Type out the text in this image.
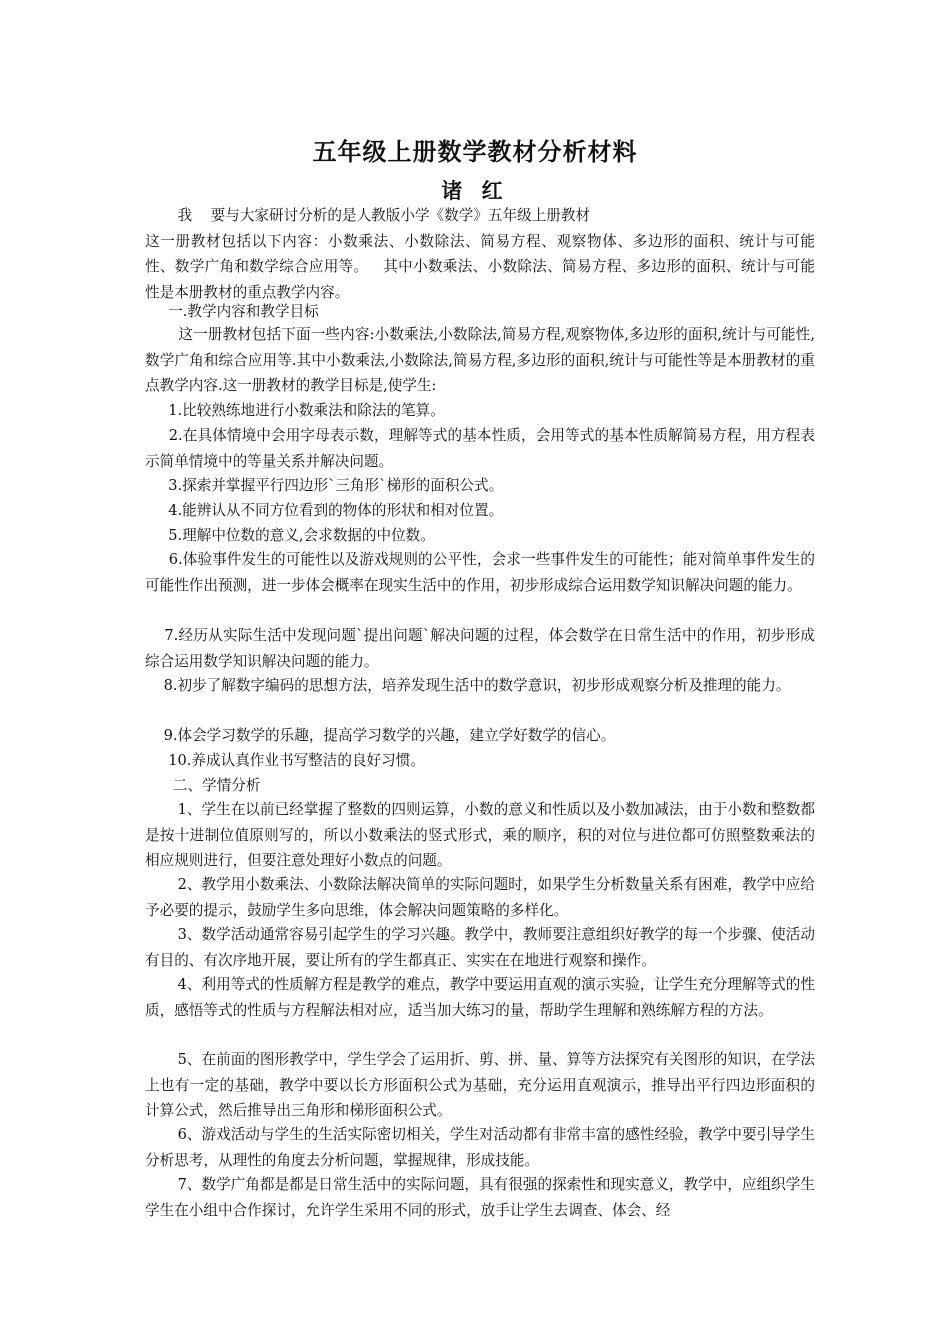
五年级上册数学教材分析材料
诸 红
我    要与大家研讨分析的是人教版小学《数学》五年级上册教材
这一册教材包括以下内容：小数乘法、小数除法、简易方程、观察物体、多边形的面积、统计与可能性、数学广角和数学综合应用等。   其中小数乘法、小数除法、简易方程、多边形的面积、统计与可能性是本册教材的重点教学内容。
一.教学内容和教学目标
这一册教材包括下面一些内容:小数乘法,小数除法,简易方程,观察物体,多边形的面积,统计与可能性,数学广角和综合应用等.其中小数乘法,小数除法,简易方程,多边形的面积,统计与可能性等是本册教材的重点教学内容.这一册教材的教学目标是,使学生:
1.比较熟练地进行小数乘法和除法的笔算。
2.在具体情境中会用字母表示数，理解等式的基本性质，会用等式的基本性质解简易方程，用方程表示简单情境中的等量关系并解决问题。
3.探索并掌握平行四边形`三角形`梯形的面积公式。
4.能辨认从不同方位看到的物体的形状和相对位置。
5.理解中位数的意义,会求数据的中位数。
6.体验事件发生的可能性以及游戏规则的公平性，会求一些事件发生的可能性；能对简单事件发生的可能性作出预测，进一步体会概率在现实生活中的作用，初步形成综合运用数学知识解决问题的能力。
7.经历从实际生活中发现问题`提出问题`解决问题的过程，体会数学在日常生活中的作用，初步形成综合运用数学知识解决问题的能力。
8.初步了解数字编码的思想方法，培养发现生活中的数学意识，初步形成观察分析及推理的能力。
9.体会学习数学的乐趣，提高学习数学的兴趣，建立学好数学的信心。
10.养成认真作业书写整洁的良好习惯。
二、学情分析
1、学生在以前已经掌握了整数的四则运算，小数的意义和性质以及小数加减法，由于小数和整数都是按十进制位值原则写的，所以小数乘法的竖式形式，乘的顺序，积的对位与进位都可仿照整数乘法的相应规则进行，但要注意处理好小数点的问题。
2、教学用小数乘法、小数除法解决简单的实际问题时，如果学生分析数量关系有困难，教学中应给予必要的提示，鼓励学生多向思维，体会解决问题策略的多样化。
3、数学活动通常容易引起学生的学习兴趣。教学中，教师要注意组织好教学的每一个步骤、使活动有目的、有次序地开展，要让所有的学生都真正、实实在在地进行观察和操作。
4、利用等式的性质解方程是教学的难点，教学中要运用直观的演示实验，让学生充分理解等式的性质，感悟等式的性质与方程解法相对应，适当加大练习的量，帮助学生理解和熟练解方程的方法。
5、在前面的图形教学中，学生学会了运用折、剪、拼、量、算等方法探究有关图形的知识，在学法上也有一定的基础，教学中要以长方形面积公式为基础，充分运用直观演示，推导出平行四边形面积的计算公式，然后推导出三角形和梯形面积公式。
6、游戏活动与学生的生活实际密切相关，学生对活动都有非常丰富的感性经验，教学中要引导学生分析思考，从理性的角度去分析问题，掌握规律，形成技能。
7、数学广角都是都是日常生活中的实际问题，具有很强的探索性和现实意义，教学中，应组织学生学生在小组中合作探讨，允许学生采用不同的形式，放手让学生去调查、体会、经
